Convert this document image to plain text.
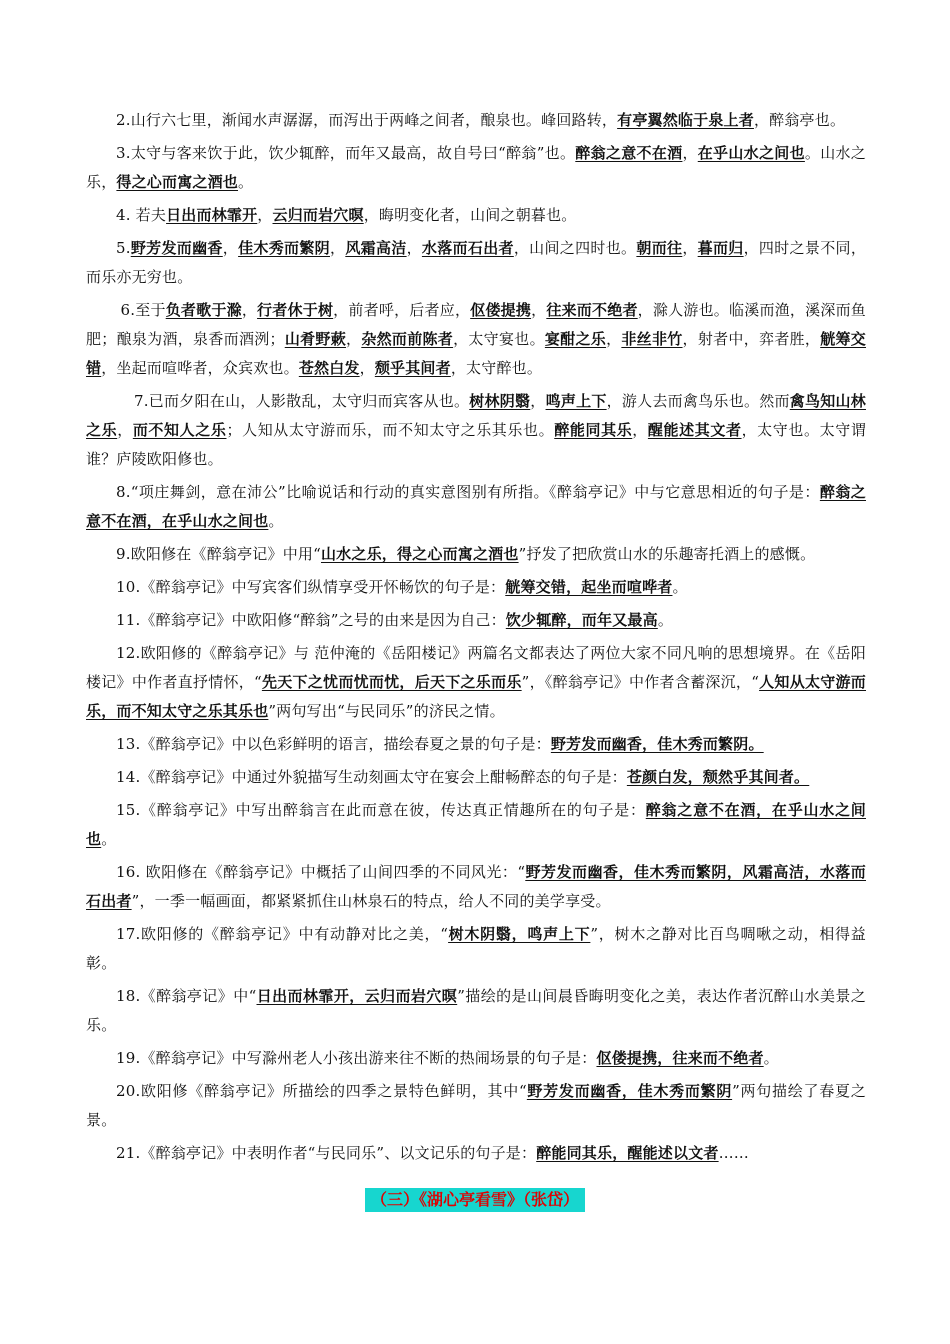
2.山行六七里，渐闻水声潺潺，而泻出于两峰之间者，酿泉也。峰回路转，有亭翼然临于泉上者，醉翁亭也。

3.太守与客来饮于此，饮少辄醉，而年又最高，故自号曰“醉翁”也。醉翁之意不在酒，在乎山水之间也。山水之乐，得之心而寓之酒也。

4. 若夫日出而林霏开，云归而岩穴暝，晦明变化者，山间之朝暮也。

5.野芳发而幽香，佳木秀而繁阴，风霜高洁，水落而石出者，山间之四时也。朝而往，暮而归，四时之景不同，而乐亦无穷也。

6.至于负者歌于滁，行者休于树，前者呼，后者应，伛偻提携，往来而不绝者，滁人游也。临溪而渔，溪深而鱼肥；酿泉为酒，泉香而酒洌；山肴野蔌，杂然而前陈者，太守宴也。宴酣之乐，非丝非竹，射者中，弈者胜，觥筹交错，坐起而喧哗者，众宾欢也。苍然白发，颓乎其间者，太守醉也。

7.已而夕阳在山，人影散乱，太守归而宾客从也。树林阴翳，鸣声上下，游人去而禽鸟乐也。然而禽鸟知山林之乐，而不知人之乐；人知从太守游而乐，而不知太守之乐其乐也。醉能同其乐，醒能述其文者，太守也。太守谓谁？庐陵欧阳修也。

8.“项庄舞剑，意在沛公”比喻说话和行动的真实意图别有所指。《醉翁亭记》中与它意思相近的句子是：醉翁之意不在酒，在乎山水之间也。

9.欧阳修在《醉翁亭记》中用“山水之乐，得之心而寓之酒也”抒发了把欣赏山水的乐趣寄托酒上的感慨。

10.《醉翁亭记》中写宾客们纵情享受开怀畅饮的句子是：觥筹交错，起坐而喧哗者。

11.《醉翁亭记》中欧阳修“醉翁”之号的由来是因为自己：饮少辄醉，而年又最高。

12.欧阳修的《醉翁亭记》与 范仲淹的《岳阳楼记》两篇名文都表达了两位大家不同凡响的思想境界。在《岳阳楼记》中作者直抒情怀，“先天下之忧而忧而忧，后天下之乐而乐”，《醉翁亭记》中作者含蓄深沉，“人知从太守游而乐，而不知太守之乐其乐也”两句写出“与民同乐”的济民之情。

13.《醉翁亭记》中以色彩鲜明的语言，描绘春夏之景的句子是：野芳发而幽香，佳木秀而繁阴。

14.《醉翁亭记》中通过外貌描写生动刻画太守在宴会上酣畅醉态的句子是：苍颜白发，颓然乎其间者。

15.《醉翁亭记》中写出醉翁言在此而意在彼，传达真正情趣所在的句子是：醉翁之意不在酒，在乎山水之间也。

16. 欧阳修在《醉翁亭记》中概括了山间四季的不同风光：“野芳发而幽香，佳木秀而繁阴，风霜高洁，水落而石出者”，一季一幅画面，都紧紧抓住山林泉石的特点，给人不同的美学享受。

17.欧阳修的《醉翁亭记》中有动静对比之美，“树木阴翳，鸣声上下”，树木之静对比百鸟啁啾之动，相得益彰。

18.《醉翁亭记》中“日出而林霏开，云归而岩穴暝”描绘的是山间晨昏晦明变化之美，表达作者沉醉山水美景之乐。

19.《醉翁亭记》中写滁州老人小孩出游来往不断的热闹场景的句子是：伛偻提携，往来而不绝者。

20.欧阳修《醉翁亭记》所描绘的四季之景特色鲜明，其中“野芳发而幽香，佳木秀而繁阴”两句描绘了春夏之景。

21.《醉翁亭记》中表明作者“与民同乐”、以文记乐的句子是：醉能同其乐，醒能述以文者……

（三）《湖心亭看雪》（张岱）
